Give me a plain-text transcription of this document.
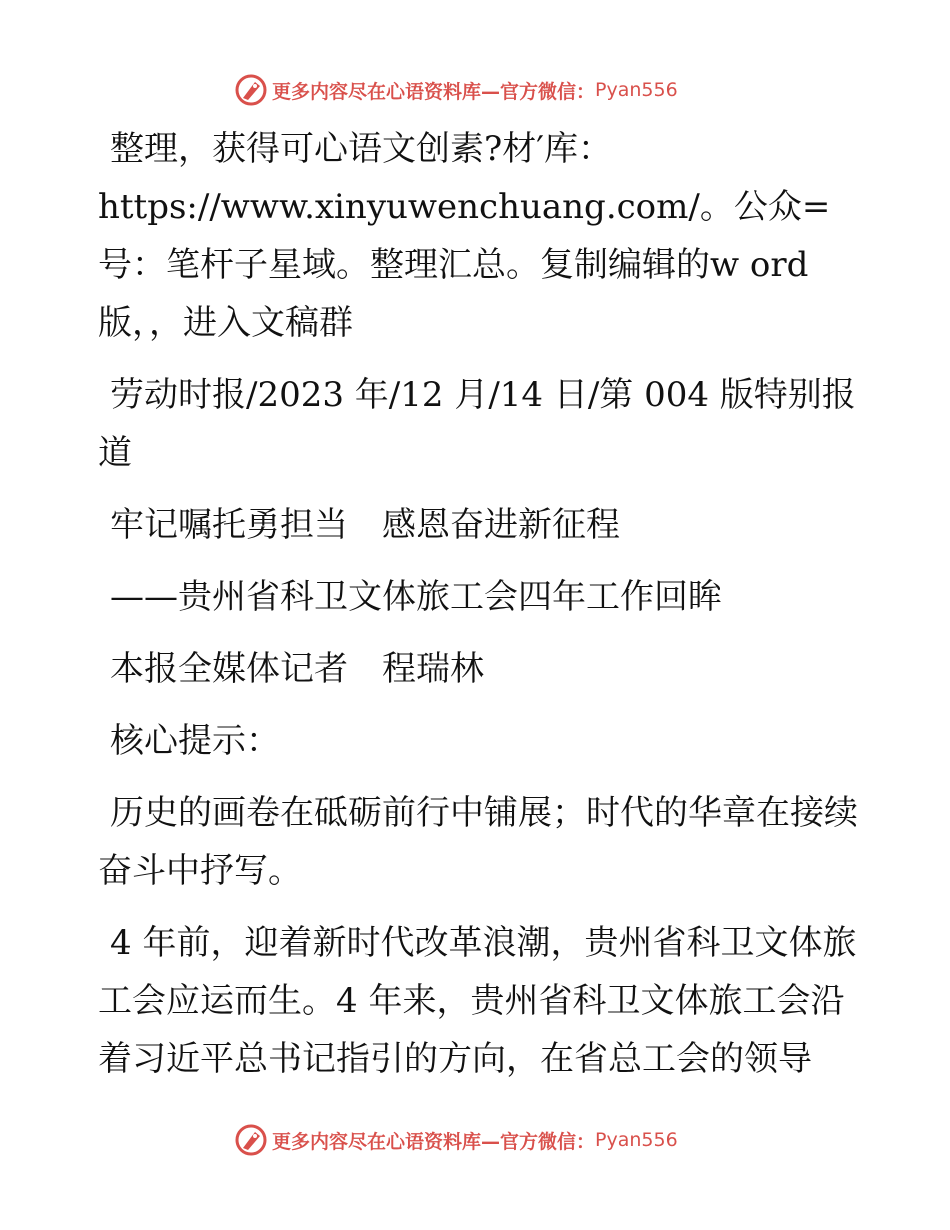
更多内容尽在心语资料库—官方微信： Pyan556

整理，获得可心语文创素?材′库：https://www.xinyuwenchuang.com/。公众=号：笔杆子星域。整理汇总。复制编辑的w ord版，，进入文稿群

劳动时报/2023 年/12 月/14 日/第 004 版特别报道

牢记嘱托勇担当　感恩奋进新征程

——贵州省科卫文体旅工会四年工作回眸

本报全媒体记者　程瑞林

核心提示：

历史的画卷在砥砺前行中铺展；时代的华章在接续奋斗中抒写。

4 年前，迎着新时代改革浪潮，贵州省科卫文体旅工会应运而生。4 年来，贵州省科卫文体旅工会沿着习近平总书记指引的方向，在省总工会的领导

更多内容尽在心语资料库—官方微信： Pyan556
